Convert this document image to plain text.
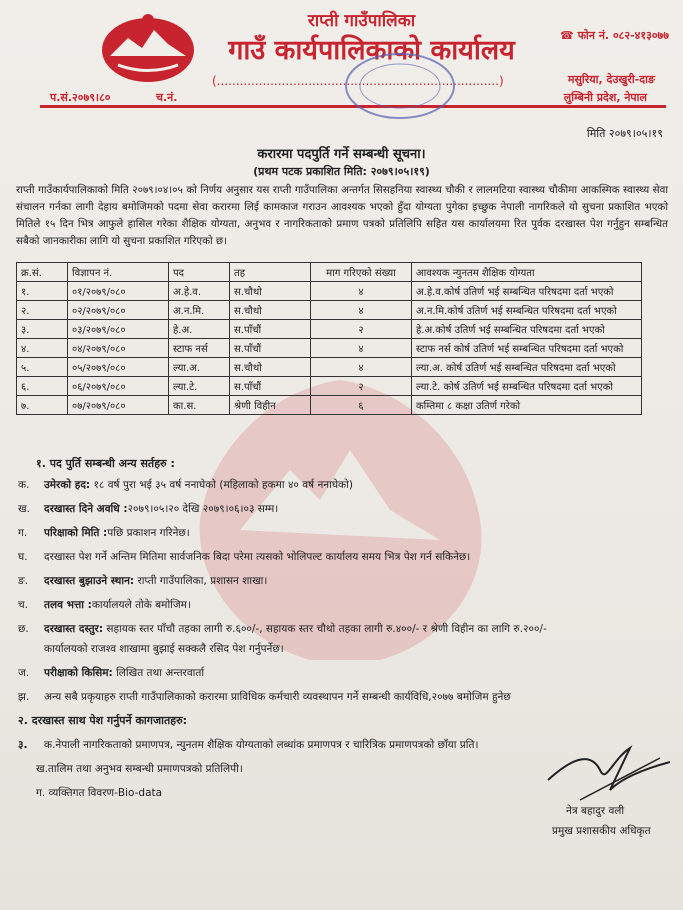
राप्ती गाउँपालिका
गाउँ कार्यपालिकाको कार्यालय	☎ फोन नं. ०८२-४१३०७७
(..........................................................................)	मसुरिया, देउखुरी-दाङ
लुम्बिनी प्रदेश, नेपाल
प.सं.२०७९।८०	च.नं.
मिति २०७९।०५।१९
करारमा पदपुर्ति गर्ने सम्बन्धी सूचना।
(प्रथम पटक प्रकाशित मिति: २०७९।०५।१९)
राप्ती गाउँकार्यपालिकाको मिति २०७९।०४।०५ को निर्णय अनुसार यस राप्ती गाउँपालिका अन्तर्गत सिसहनिया स्वास्थ्य चौकी र लालमटिया स्वास्थ्य चौकीमा आकस्मिक स्वास्थ्य सेवा संचालन गर्नका लागी देहाय बमोजिमको पदमा सेवा करारमा लिई कामकाज गराउन आवश्यक भएको हुँदा योग्यता पुगेका इच्छुक नेपाली नागरिकले यो सुचना प्रकाशित भएको मितिले १५ दिन भित्र आफुले हासिल गरेका शैक्षिक योग्यता, अनुभव र नागरिकताको प्रमाण पत्रको प्रतिलिपि सहित यस कार्यालयमा रित पुर्वक दरखास्त पेश गर्नुहुन सम्बन्धित सबैको जानकारीका लागि यो सुचना प्रकाशित गरिएको छ।
क्र.सं.	विज्ञापन नं.	पद	तह	माग गरिएको संख्या	आवश्यक न्युनतम शैक्षिक योग्यता
१.	०१/२०७९/०८०	अ.हे.व.	स.चौथो	४	अ.हे.व.कोर्ष उतिर्ण भई सम्बन्धित परिषदमा दर्ता भएको
२.	०२/२०७९/०८०	अ.न.मि.	स.चौथो	४	अ.न.मि.कोर्ष उतिर्ण भई सम्बन्धित परिषदमा दर्ता भएको
३.	०३/२०७९/०८०	हे.अ.	स.पाँचौं	२	हे.अ.कोर्ष उतिर्ण भई सम्बन्धित परिषदमा दर्ता भएको
४.	०४/२०७९/०८०	स्टाफ नर्स	स.पाँचौं	४	स्टाफ नर्स कोर्ष उतिर्ण भई सम्बन्धित परिषदमा दर्ता भएको
५.	०५/२०७९/०८०	ल्या.अ.	स.चौथो	४	ल्या.अ. कोर्ष उतिर्ण भई सम्बन्धित परिषदमा दर्ता भएको
६.	०६/२०७९/०८०	ल्या.टे.	स.पाँचौं	२	ल्या.टे. कोर्ष उतिर्ण भई सम्बन्धित परिषदमा दर्ता भएको
७.	०७/२०७९/०८०	का.स.	श्रेणी विहीन	६	कम्तिमा ८ कक्षा उतिर्ण गरेको
१. पद पुर्ति सम्बन्धी अन्य सर्तहरु :
क. उमेरको हद: १८ वर्ष पुरा भई ३५ वर्ष ननाघेको (महिलाको हकमा ४० वर्ष ननाघेको)
ख. दरखास्त दिने अवधि :२०७९।०५।२० देखि २०७९।०६।०३ सम्म।
ग. परिक्षाको मिति :पछि प्रकाशन गरिनेछ।
घ. दरखास्त पेश गर्ने अन्तिम मितिमा सार्वजनिक बिदा परेमा त्यसको भोलिपल्ट कार्यालय समय भित्र पेश गर्न सकिनेछ।
ङ. दरखास्त बुझाउने स्थान: राप्ती गाउँपालिका, प्रशासन शाखा।
च. तलव भत्ता :कार्यालयले तोके बमोजिम।
छ. दरखास्त दस्तुर: सहायक स्तर पाँचौ तहका लागी रु.६००/-, सहायक स्तर चौथो तहका लागी रु.४००/- र श्रेणी विहीन का लागि रु.२००/-
कार्यालयको राजश्व शाखामा बुझाई सक्कलै रसिद पेश गर्नुपर्नेछ।
ज. परीक्षाको किसिम: लिखित तथा अन्तरवार्ता
झ. अन्य सबै प्रकृयाहरु राप्ती गाउँपालिकाको करारमा प्राविधिक कर्मचारी व्यवस्थापन गर्ने सम्बन्धी कार्यविधि,२०७७ बमोजिम हुनेछ
२. दरखास्त साथ पेश गर्नुपर्ने कागजातहरु:
३. क.नेपाली नागरिकताको प्रमाणपत्र, न्युनतम शैक्षिक योग्यताको लब्धांक प्रमाणपत्र र चारित्रिक प्रमाणपत्रको छाँया प्रति।
ख.तालिम तथा अनुभव सम्बन्धी प्रमाणपत्रको प्रतिलिपी।
ग. व्यक्तिगत विवरण-Bio-data
नेत्र बहादुर वली
प्रमुख प्रशासकीय अधिकृत
